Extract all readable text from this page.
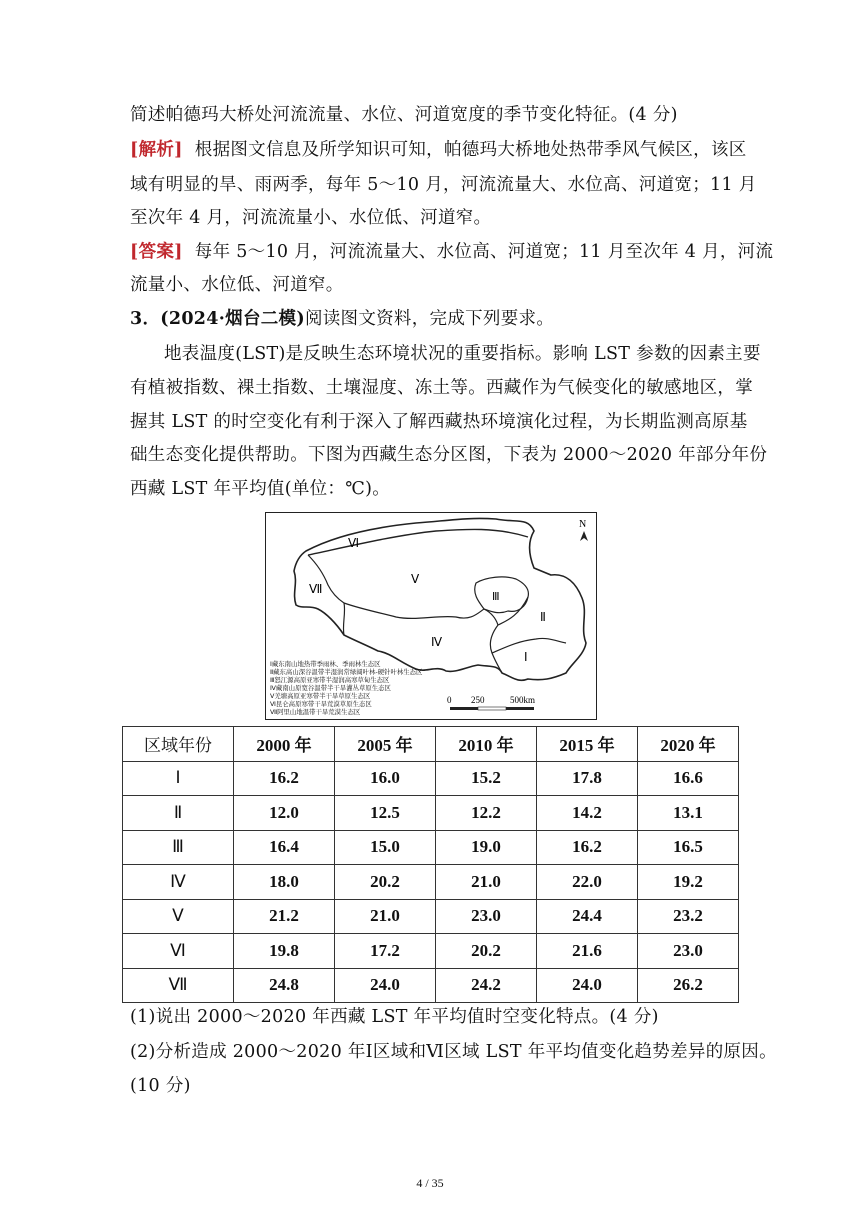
简述帕德玛大桥处河流流量、水位、河道宽度的季节变化特征。(4 分)
[解析] 根据图文信息及所学知识可知，帕德玛大桥地处热带季风气候区，该区
域有明显的旱、雨两季，每年 5～10 月，河流流量大、水位高、河道宽；11 月
至次年 4 月，河流流量小、水位低、河道窄。
[答案] 每年 5～10 月，河流流量大、水位高、河道宽；11 月至次年 4 月，河流
流量小、水位低、河道窄。
3．(2024·烟台二模)阅读图文资料，完成下列要求。
地表温度(LST)是反映生态环境状况的重要指标。影响 LST 参数的因素主要
有植被指数、裸土指数、土壤湿度、冻土等。西藏作为气候变化的敏感地区，掌
握其 LST 的时空变化有利于深入了解西藏热环境演化过程，为长期监测高原基
础生态变化提供帮助。下图为西藏生态分区图，下表为 2000～2020 年部分年份
西藏 LST 年平均值(单位：℃)。
Ⅵ
Ⅶ
Ⅴ
Ⅲ
Ⅱ
Ⅳ
Ⅰ
N
0 250	500km
Ⅰ藏东南山地热带季雨林、季雨林生态区
Ⅱ藏东高山深谷温带半湿润常绿阔叶林-硬针叶林生态区
Ⅲ怒江源高原亚寒带半湿润高寒草甸生态区
Ⅳ藏南山原宽谷温带半干旱灌丛草原生态区
Ⅴ羌塘高原亚寒带半干旱草原生态区
Ⅵ昆仑高原寒带干旱荒漠草原生态区
Ⅶ阿里山地温带干旱荒漠生态区
区域年份	2000 年	2005 年	2010 年	2015 年	2020 年
Ⅰ	16.2	16.0	15.2	17.8	16.6
Ⅱ	12.0	12.5	12.2	14.2	13.1
Ⅲ	16.4	15.0	19.0	16.2	16.5
Ⅳ	18.0	20.2	21.0	22.0	19.2
Ⅴ	21.2	21.0	23.0	24.4	23.2
Ⅵ	19.8	17.2	20.2	21.6	23.0
Ⅶ	24.8	24.0	24.2	24.0	26.2
(1)说出 2000～2020 年西藏 LST 年平均值时空变化特点。(4 分)
(2)分析造成 2000～2020 年Ⅰ区域和Ⅵ区域 LST 年平均值变化趋势差异的原因。
(10 分)
4 / 35
